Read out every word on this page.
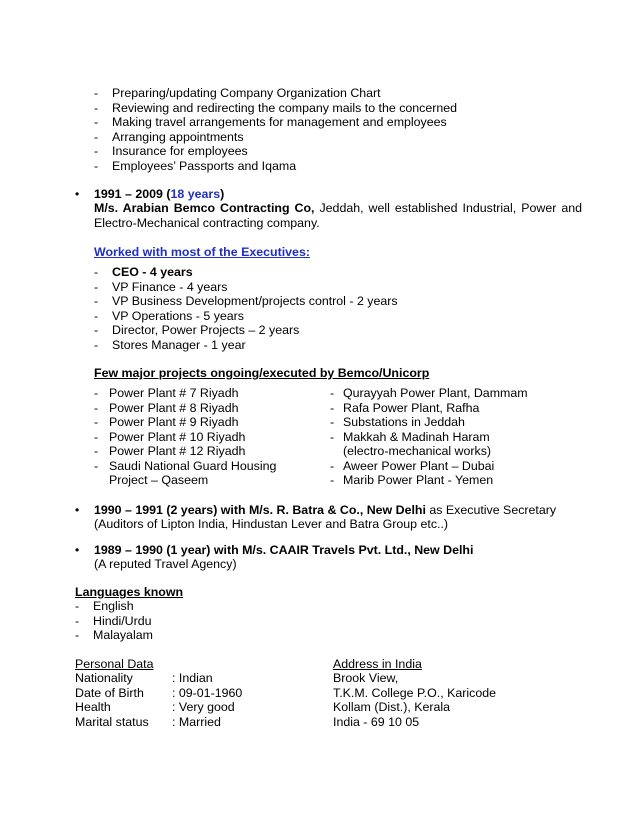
- Preparing/updating Company Organization Chart
- Reviewing and redirecting the company mails to the concerned
- Making travel arrangements for management and employees
- Arranging appointments
- Insurance for employees
- Employees’ Passports and Iqama
• 1991 – 2009 (18 years)
M/s. Arabian Bemco Contracting Co, Jeddah, well established Industrial, Power and Electro-Mechanical contracting company.
Worked with most of the Executives:
- CEO - 4 years
- VP Finance - 4 years
- VP Business Development/projects control - 2 years
- VP Operations - 5 years
- Director, Power Projects – 2 years
- Stores Manager - 1 year
Few major projects ongoing/executed by Bemco/Unicorp
- Power Plant # 7 Riyadh
- Power Plant # 8 Riyadh
- Power Plant # 9 Riyadh
- Power Plant # 10 Riyadh
- Power Plant # 12 Riyadh
- Saudi National Guard Housing
Project – Qaseem
- Qurayyah Power Plant, Dammam
- Rafa Power Plant, Rafha
- Substations in Jeddah
- Makkah & Madinah Haram
(electro-mechanical works)
- Aweer Power Plant – Dubai
- Marib Power Plant - Yemen
• 1990 – 1991 (2 years) with M/s. R. Batra & Co., New Delhi as Executive Secretary
(Auditors of Lipton India, Hindustan Lever and Batra Group etc..)
• 1989 – 1990 (1 year) with M/s. CAAIR Travels Pvt. Ltd., New Delhi
(A reputed Travel Agency)
Languages known
- English
- Hindi/Urdu
- Malayalam
Personal Data
Nationality	: Indian
Date of Birth : 09-01-1960
Health	: Very good
Marital status : Married
Address in India
Brook View,
T.K.M. College P.O., Karicode
Kollam (Dist.), Kerala
India - 69 10 05
